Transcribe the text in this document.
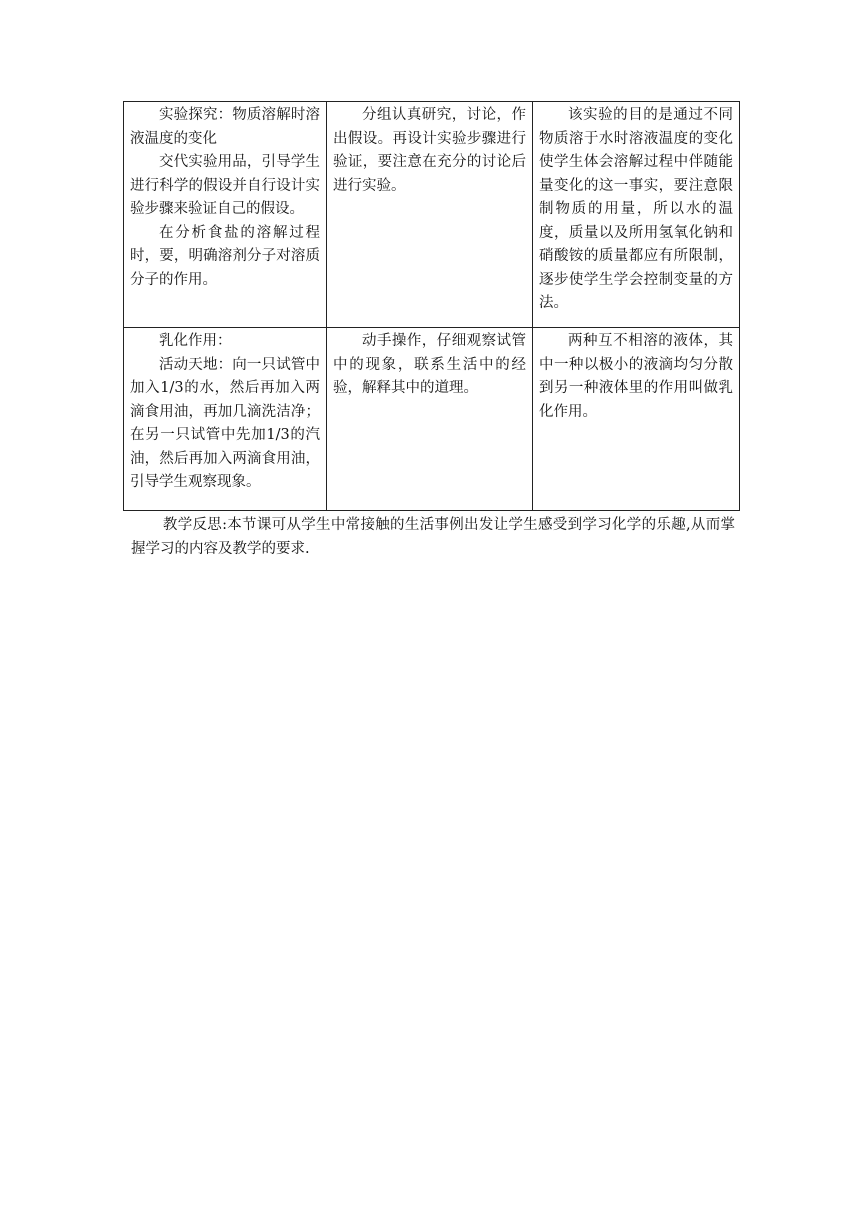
实验探究：物质溶解时溶液温度的变化

交代实验用品，引导学生进行科学的假设并自行设计实验步骤来验证自己的假设。

在分析食盐的溶解过程时，要，明确溶剂分子对溶质分子的作用。	分组认真研究，讨论，作出假设。再设计实验步骤进行验证，要注意在充分的讨论后进行实验。	该实验的目的是通过不同物质溶于水时溶液温度的变化使学生体会溶解过程中伴随能量变化的这一事实，要注意限制物质的用量，所以水的温度，质量以及所用氢氧化钠和硝酸铵的质量都应有所限制，逐步使学生学会控制变量的方法。

乳化作用：

活动天地：向一只试管中加入1/3的水，然后再加入两滴食用油，再加几滴洗洁净；在另一只试管中先加1/3的汽油，然后再加入两滴食用油，引导学生观察现象。	动手操作，仔细观察试管中的现象，联系生活中的经验，解释其中的道理。	两种互不相溶的液体，其中一种以极小的液滴均匀分散到另一种液体里的作用叫做乳化作用。

教学反思:本节课可从学生中常接触的生活事例出发让学生感受到学习化学的乐趣,从而掌握学习的内容及教学的要求.
